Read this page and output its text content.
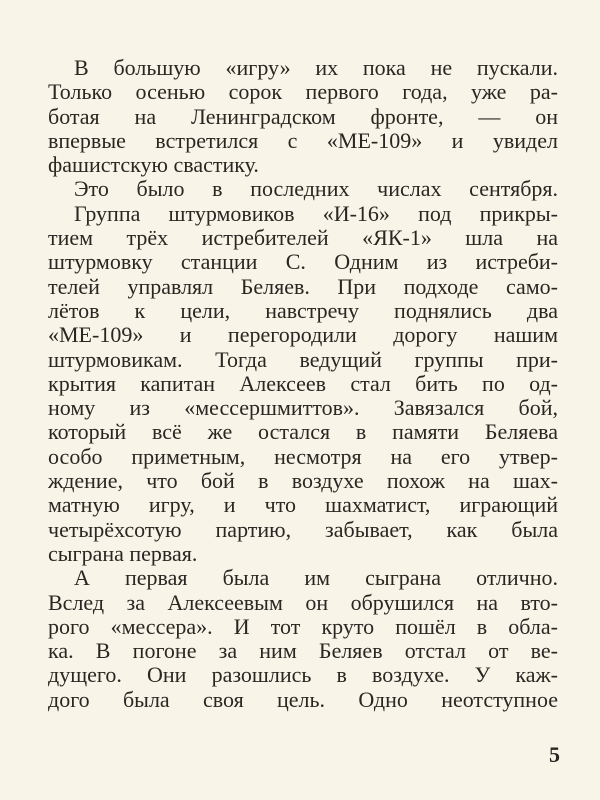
В большую «игру» их пока не пускали.
Только осенью сорок первого года, уже ра-
ботая на Ленинградском фронте, — он
впервые встретился с «МЕ-109» и увидел
фашистскую свастику.
Это было в последних числах сентября.
Группа штурмовиков «И-16» под прикры-
тием трёх истребителей «ЯК-1» шла на
штурмовку станции С. Одним из истреби-
телей управлял Беляев. При подходе само-
лётов к цели, навстречу поднялись два
«МЕ-109» и перегородили дорогу нашим
штурмовикам. Тогда ведущий группы при-
крытия капитан Алексеев стал бить по од-
ному из «мессершмиттов». Завязался бой,
который всё же остался в памяти Беляева
особо приметным, несмотря на его утвер-
ждение, что бой в воздухе похож на шах-
матную игру, и что шахматист, играющий
четырёхсотую партию, забывает, как была
сыграна первая.
А первая была им сыграна отлично.
Вслед за Алексеевым он обрушился на вто-
рого «мессера». И тот круто пошёл в обла-
ка. В погоне за ним Беляев отстал от ве-
дущего. Они разошлись в воздухе. У каж-
дого была своя цель. Одно неотступное
5
